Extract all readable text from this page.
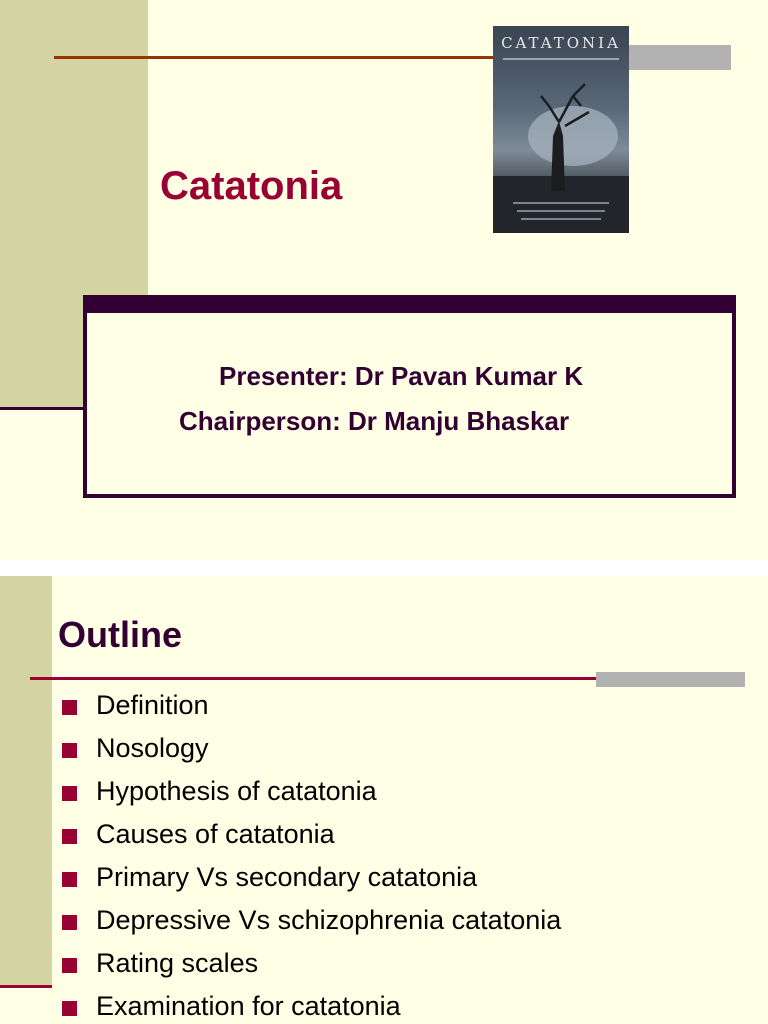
CATATONIA
Catatonia
Presenter: Dr Pavan Kumar K
Chairperson: Dr Manju Bhaskar
Outline
Definition
Nosology
Hypothesis of catatonia
Causes of catatonia
Primary Vs secondary catatonia
Depressive Vs schizophrenia catatonia
Rating scales
Examination for catatonia
